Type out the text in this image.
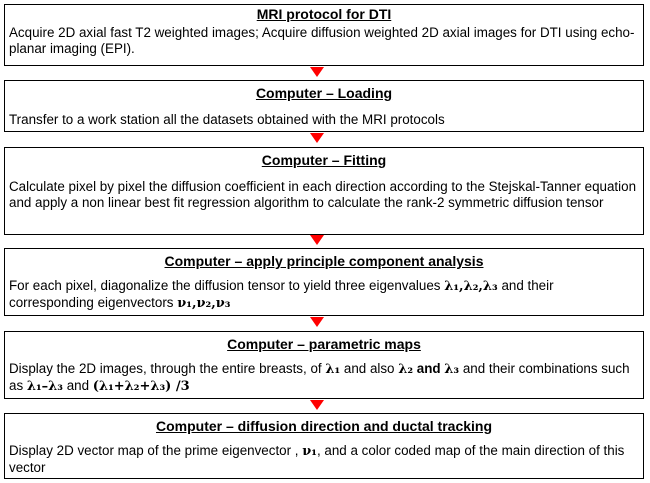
MRI protocol for DTI
Acquire 2D axial fast T2 weighted images; Acquire diffusion weighted 2D axial images for DTI using echo-planar imaging (EPI).
Computer – Loading
Transfer to a work station all the datasets obtained with the MRI protocols
Computer – Fitting
Calculate pixel by pixel the diffusion coefficient in each direction according to the Stejskal-Tanner equation and apply a non linear best fit regression algorithm to calculate the rank-2 symmetric diffusion tensor
Computer – apply principle component analysis
For each pixel, diagonalize the diffusion tensor to yield three eigenvalues λ₁,λ₂,λ₃ and their corresponding eigenvectors ν₁,ν₂,ν₃
Computer – parametric maps
Display the 2D images, through the entire breasts, of λ₁ and also λ₂ and λ₃ and their combinations such as λ₁–λ₃ and (λ₁+λ₂+λ₃) /3
Computer – diffusion direction and ductal tracking
Display 2D vector map of the prime eigenvector , ν₁, and a color coded map of the main direction of this vector
